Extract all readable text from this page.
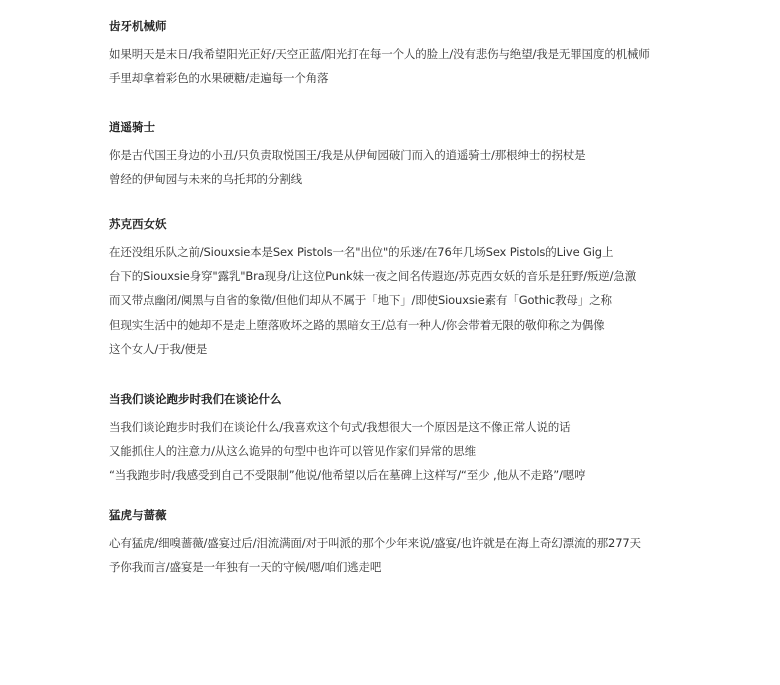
齿牙机械师
如果明天是末日/我希望阳光正好/天空正蓝/阳光打在每一个人的脸上/没有悲伤与绝望/我是无罪国度的机械师
手里却拿着彩色的水果硬糖/走遍每一个角落
逍遥骑士
你是古代国王身边的小丑/只负责取悦国王/我是从伊甸园破门而入的逍遥骑士/那根绅士的拐杖是
曾经的伊甸园与未来的乌托邦的分割线
苏克西女妖
在还没组乐队之前/Siouxsie本是Sex Pistols一名"出位"的乐迷/在76年几场Sex Pistols的Live Gig上
台下的Siouxsie身穿"露乳"Bra现身/让这位Punk妹一夜之间名传遐迩/苏克西女妖的音乐是狂野/叛逆/急激
而又带点幽闭/阒黑与自省的象徵/但他们却从不属于「地下」/即使Siouxsie素有「Gothic教母」之称
但现实生活中的她却不是走上堕落败坏之路的黑暗女王/总有一种人/你会带着无限的敬仰称之为偶像
这个女人/于我/便是
当我们谈论跑步时我们在谈论什么
当我们谈论跑步时我们在谈论什么/我喜欢这个句式/我想很大一个原因是这不像正常人说的话
又能抓住人的注意力/从这么诡异的句型中也许可以管见作家们异常的思维
“当我跑步时/我感受到自己不受限制”他说/他希望以后在墓碑上这样写/“至少 ,他从不走路”/嗯哼
猛虎与蔷薇
心有猛虎/细嗅蔷薇/盛宴过后/泪流满面/对于叫派的那个少年来说/盛宴/也许就是在海上奇幻漂流的那277天
予你我而言/盛宴是一年独有一天的守候/嗯/咱们逃走吧
